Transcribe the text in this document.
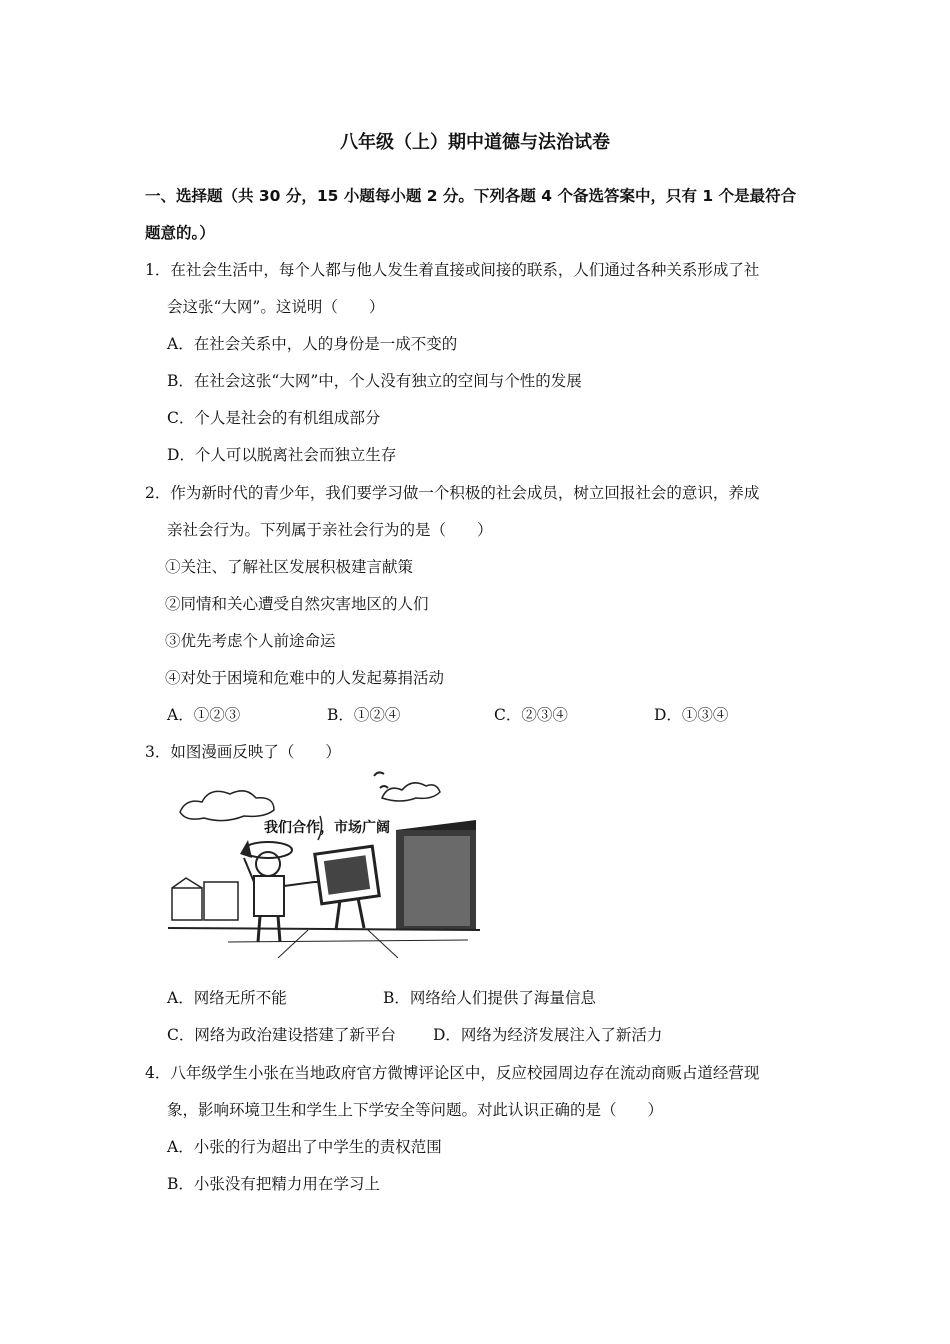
八年级（上）期中道德与法治试卷
一、选择题（共 30 分，15 小题每小题 2 分。下列各题 4 个备选答案中，只有 1 个是最符合
题意的。）
1．在社会生活中，每个人都与他人发生着直接或间接的联系，人们通过各种关系形成了社
会这张“大网”。这说明（　　）
A．在社会关系中，人的身份是一成不变的
B．在社会这张“大网”中，个人没有独立的空间与个性的发展
C．个人是社会的有机组成部分
D．个人可以脱离社会而独立生存
2．作为新时代的青少年，我们要学习做一个积极的社会成员，树立回报社会的意识，养成
亲社会行为。下列属于亲社会行为的是（　　）
①关注、了解社区发展积极建言献策
②同情和关心遭受自然灾害地区的人们
③优先考虑个人前途命运
④对处于困境和危难中的人发起募捐活动
A．①②③	B．①②④	C．②③④	D．①③④
3．如图漫画反映了（　　）
我们合作，市场广阔
A．网络无所不能	B．网络给人们提供了海量信息
C．网络为政治建设搭建了新平台 D．网络为经济发展注入了新活力
4．八年级学生小张在当地政府官方微博评论区中，反应校园周边存在流动商贩占道经营现
象，影响环境卫生和学生上下学安全等问题。对此认识正确的是（　　）
A．小张的行为超出了中学生的责权范围
B．小张没有把精力用在学习上
